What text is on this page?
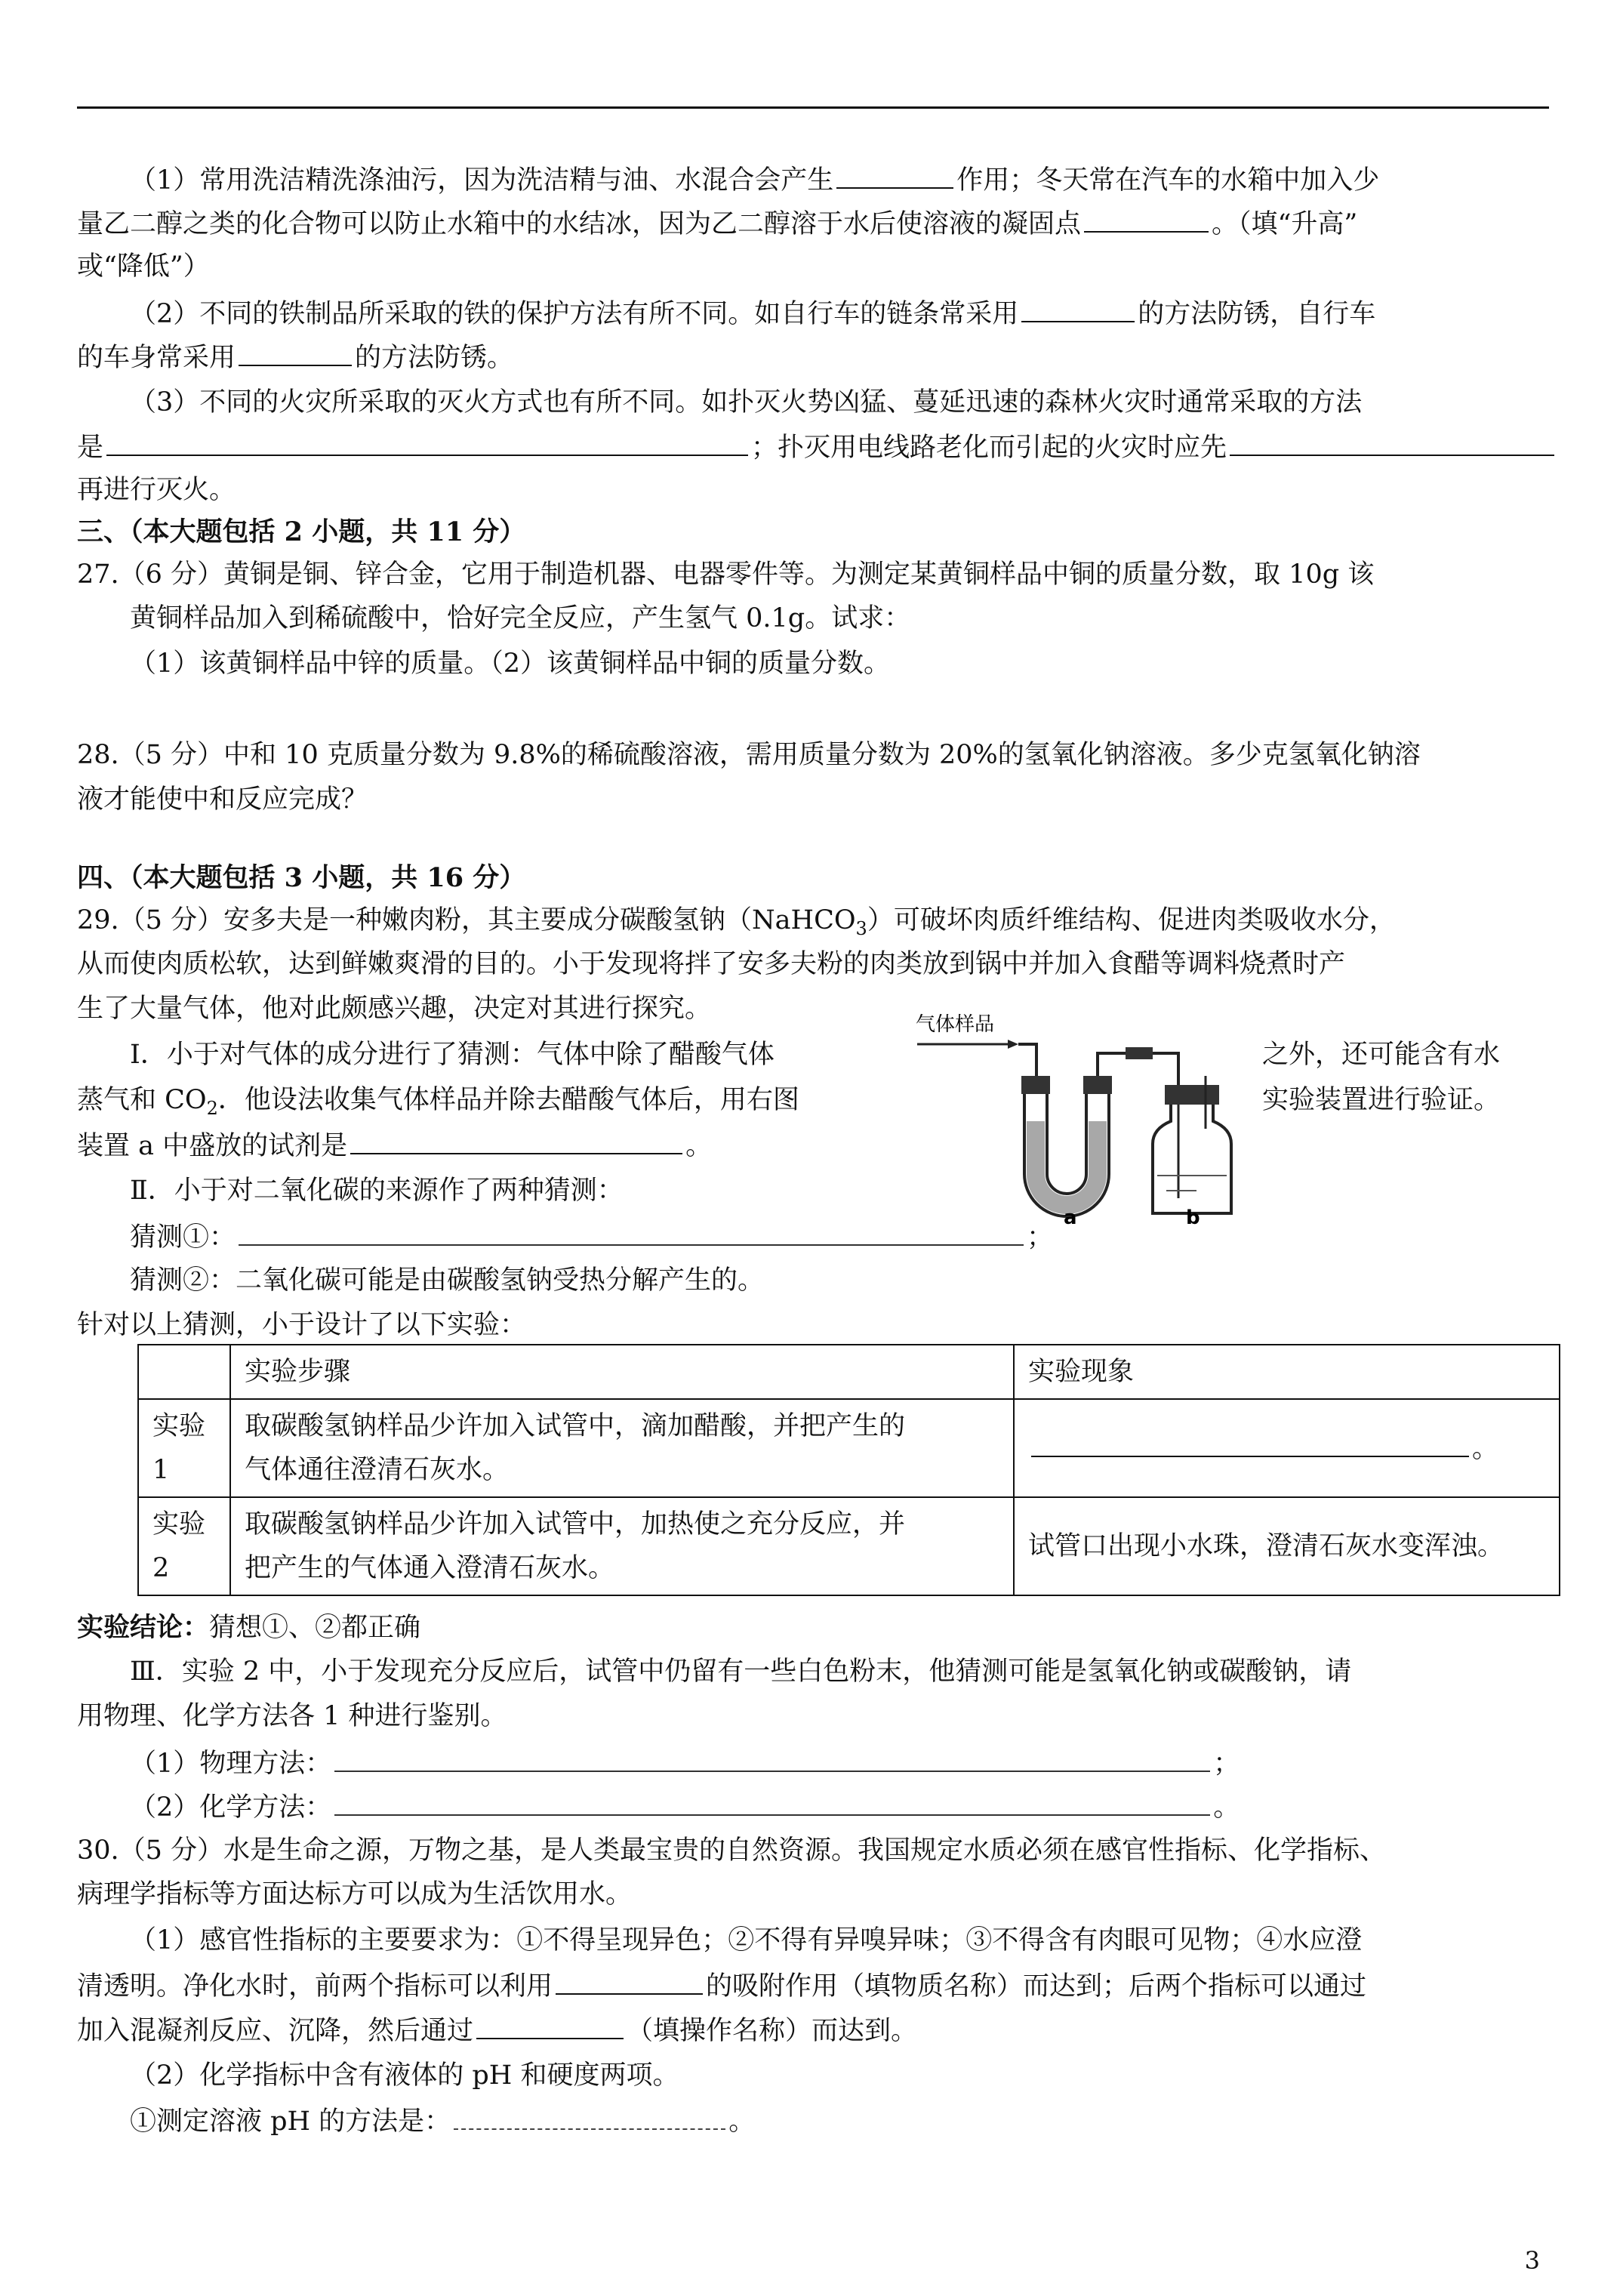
（1）常用洗洁精洗涤油污，因为洗洁精与油、水混合会产生	作用；冬天常在汽车的水箱中加入少
量乙二醇之类的化合物可以防止水箱中的水结冰，因为乙二醇溶于水后使溶液的凝固点	。（填“升高”
或“降低”）
（2）不同的铁制品所采取的铁的保护方法有所不同。如自行车的链条常采用	的方法防锈，自行车
的车身常采用	的方法防锈。
（3）不同的火灾所采取的灭火方式也有所不同。如扑灭火势凶猛、蔓延迅速的森林火灾时通常采取的方法
是	；扑灭用电线路老化而引起的火灾时应先
再进行灭火。
三、（本大题包括 2 小题，共 11 分）
27.（6 分）黄铜是铜、锌合金，它用于制造机器、电器零件等。为测定某黄铜样品中铜的质量分数，取 10g 该
黄铜样品加入到稀硫酸中，恰好完全反应，产生氢气 0.1g。试求：
（1）该黄铜样品中锌的质量。（2）该黄铜样品中铜的质量分数。
28.（5 分）中和 10 克质量分数为 9.8%的稀硫酸溶液，需用质量分数为 20%的氢氧化钠溶液。多少克氢氧化钠溶
液才能使中和反应完成？
四、（本大题包括 3 小题，共 16 分）
29.（5 分）安多夫是一种嫩肉粉，其主要成分碳酸氢钠（NaHCO$_3$）可破坏肉质纤维结构、促进肉类吸收水分，
从而使肉质松软，达到鲜嫩爽滑的目的。小于发现将拌了安多夫粉的肉类放到锅中并加入食醋等调料烧煮时产
生了大量气体，他对此颇感兴趣，决定对其进行探究。
Ⅰ．小于对气体的成分进行了猜测：气体中除了醋酸气体	之外，还可能含有水
蒸气和 $CO_2$．他设法收集气体样品并除去醋酸气体后，用右图	实验装置进行验证。
装置 a 中盛放的试剂是	。
Ⅱ．小于对二氧化碳的来源作了两种猜测：
猜测①：	；
猜测②：二氧化碳可能是由碳酸氢钠受热分解产生的。
针对以上猜测，小于设计了以下实验：
气体样品
a	b
	实验步骤	实验现象
实验
1	取碳酸氢钠样品少许加入试管中，滴加醋酸，并把产生的
气体通往澄清石灰水。	。
实验
2	取碳酸氢钠样品少许加入试管中，加热使之充分反应，并
把产生的气体通入澄清石灰水。	试管口出现小水珠，澄清石灰水变浑浊。
实验结论：猜想①、②都正确
Ⅲ．实验 2 中，小于发现充分反应后，试管中仍留有一些白色粉末，他猜测可能是氢氧化钠或碳酸钠，请
用物理、化学方法各 1 种进行鉴别。
（1）物理方法：	；
（2）化学方法：	。
30.（5 分）水是生命之源，万物之基，是人类最宝贵的自然资源。我国规定水质必须在感官性指标、化学指标、
病理学指标等方面达标方可以成为生活饮用水。
（1）感官性指标的主要要求为：①不得呈现异色；②不得有异嗅异味；③不得含有肉眼可见物；④水应澄
清透明。净化水时，前两个指标可以利用	的吸附作用（填物质名称）而达到；后两个指标可以通过
加入混凝剂反应、沉降，然后通过	（填操作名称）而达到。
（2）化学指标中含有液体的 pH 和硬度两项。
①测定溶液 pH 的方法是：	。
3
